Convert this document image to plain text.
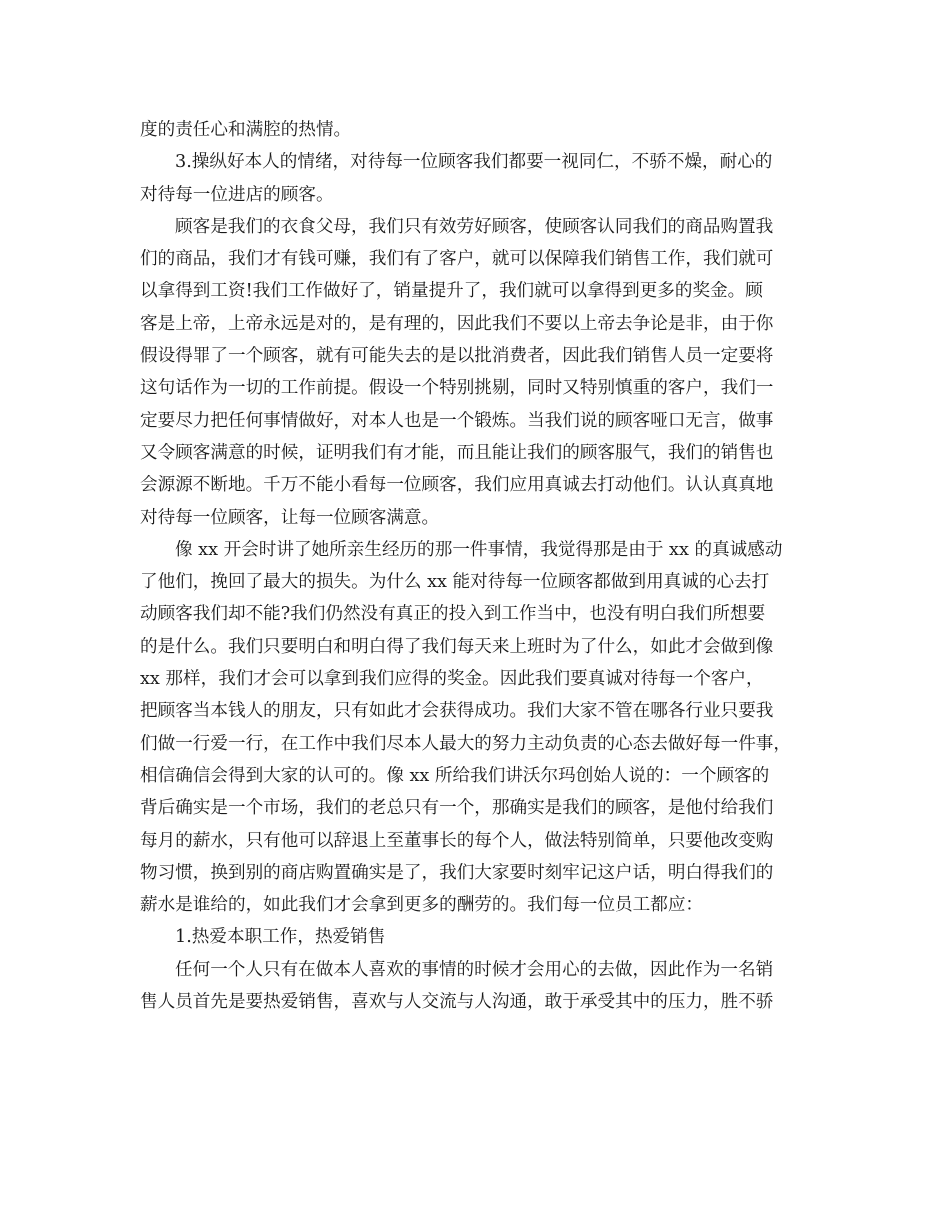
度的责任心和满腔的热情。
3.操纵好本人的情绪，对待每一位顾客我们都要一视同仁，不骄不燥，耐心的
对待每一位进店的顾客。
顾客是我们的衣食父母，我们只有效劳好顾客，使顾客认同我们的商品购置我
们的商品，我们才有钱可赚，我们有了客户，就可以保障我们销售工作，我们就可
以拿得到工资!我们工作做好了，销量提升了，我们就可以拿得到更多的奖金。顾
客是上帝，上帝永远是对的，是有理的，因此我们不要以上帝去争论是非，由于你
假设得罪了一个顾客，就有可能失去的是以批消费者，因此我们销售人员一定要将
这句话作为一切的工作前提。假设一个特别挑剔，同时又特别慎重的客户，我们一
定要尽力把任何事情做好，对本人也是一个锻炼。当我们说的顾客哑口无言，做事
又令顾客满意的时候，证明我们有才能，而且能让我们的顾客服气，我们的销售也
会源源不断地。千万不能小看每一位顾客，我们应用真诚去打动他们。认认真真地
对待每一位顾客，让每一位顾客满意。
像 xx 开会时讲了她所亲生经历的那一件事情，我觉得那是由于 xx 的真诚感动
了他们，挽回了最大的损失。为什么 xx 能对待每一位顾客都做到用真诚的心去打
动顾客我们却不能?我们仍然没有真正的投入到工作当中，也没有明白我们所想要
的是什么。我们只要明白和明白得了我们每天来上班时为了什么，如此才会做到像
xx 那样，我们才会可以拿到我们应得的奖金。因此我们要真诚对待每一个客户，
把顾客当本钱人的朋友，只有如此才会获得成功。我们大家不管在哪各行业只要我
们做一行爱一行，在工作中我们尽本人最大的努力主动负责的心态去做好每一件事，
相信确信会得到大家的认可的。像 xx 所给我们讲沃尔玛创始人说的：一个顾客的
背后确实是一个市场，我们的老总只有一个，那确实是我们的顾客，是他付给我们
每月的薪水，只有他可以辞退上至董事长的每个人，做法特别简单，只要他改变购
物习惯，换到别的商店购置确实是了，我们大家要时刻牢记这户话，明白得我们的
薪水是谁给的，如此我们才会拿到更多的酬劳的。我们每一位员工都应：
1.热爱本职工作，热爱销售
任何一个人只有在做本人喜欢的事情的时候才会用心的去做，因此作为一名销
售人员首先是要热爱销售，喜欢与人交流与人沟通，敢于承受其中的压力，胜不骄
